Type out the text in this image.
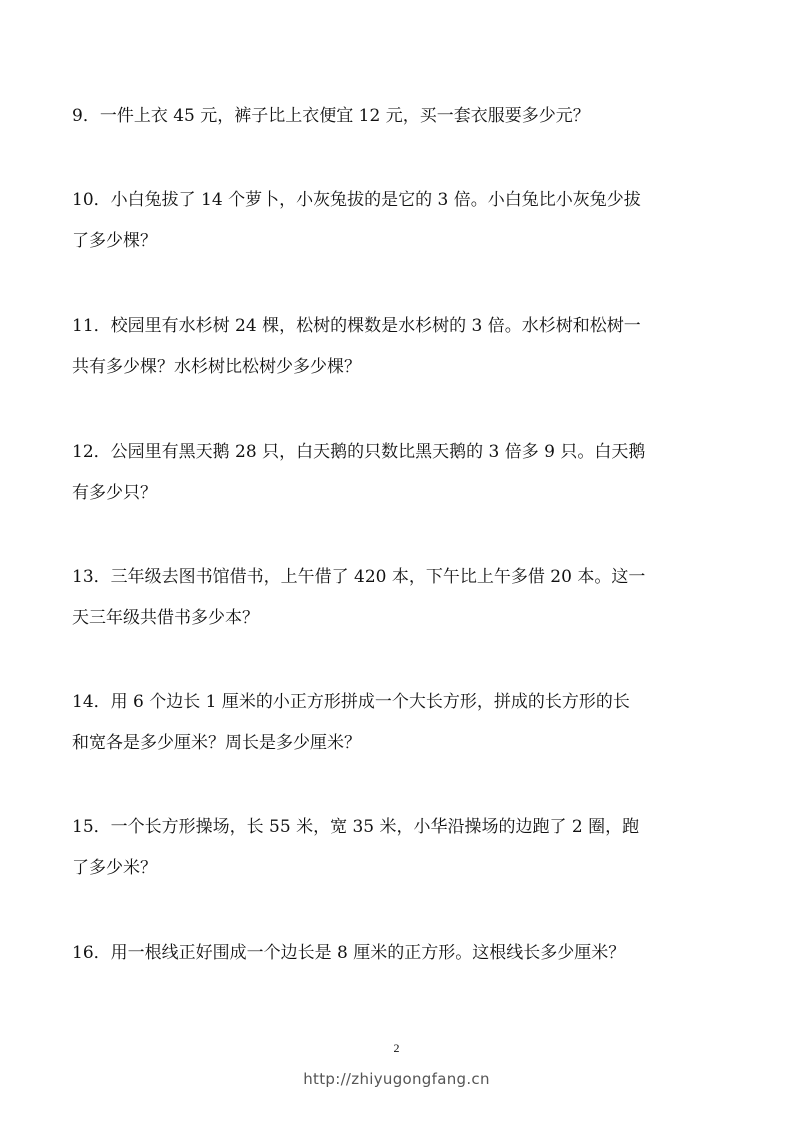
9．一件上衣 45 元，裤子比上衣便宜 12 元，买一套衣服要多少元？
10．小白兔拔了 14 个萝卜，小灰兔拔的是它的 3 倍。小白兔比小灰兔少拔
了多少棵？
11．校园里有水杉树 24 棵，松树的棵数是水杉树的 3 倍。水杉树和松树一
共有多少棵？水杉树比松树少多少棵？
12．公园里有黑天鹅 28 只，白天鹅的只数比黑天鹅的 3 倍多 9 只。白天鹅
有多少只？
13．三年级去图书馆借书，上午借了 420 本，下午比上午多借 20 本。这一
天三年级共借书多少本？
14．用 6 个边长 1 厘米的小正方形拼成一个大长方形，拼成的长方形的长
和宽各是多少厘米？周长是多少厘米？
15．一个长方形操场，长 55 米，宽 35 米，小华沿操场的边跑了 2 圈，跑
了多少米？
16．用一根线正好围成一个边长是 8 厘米的正方形。这根线长多少厘米？
2
http://zhiyugongfang.cn
